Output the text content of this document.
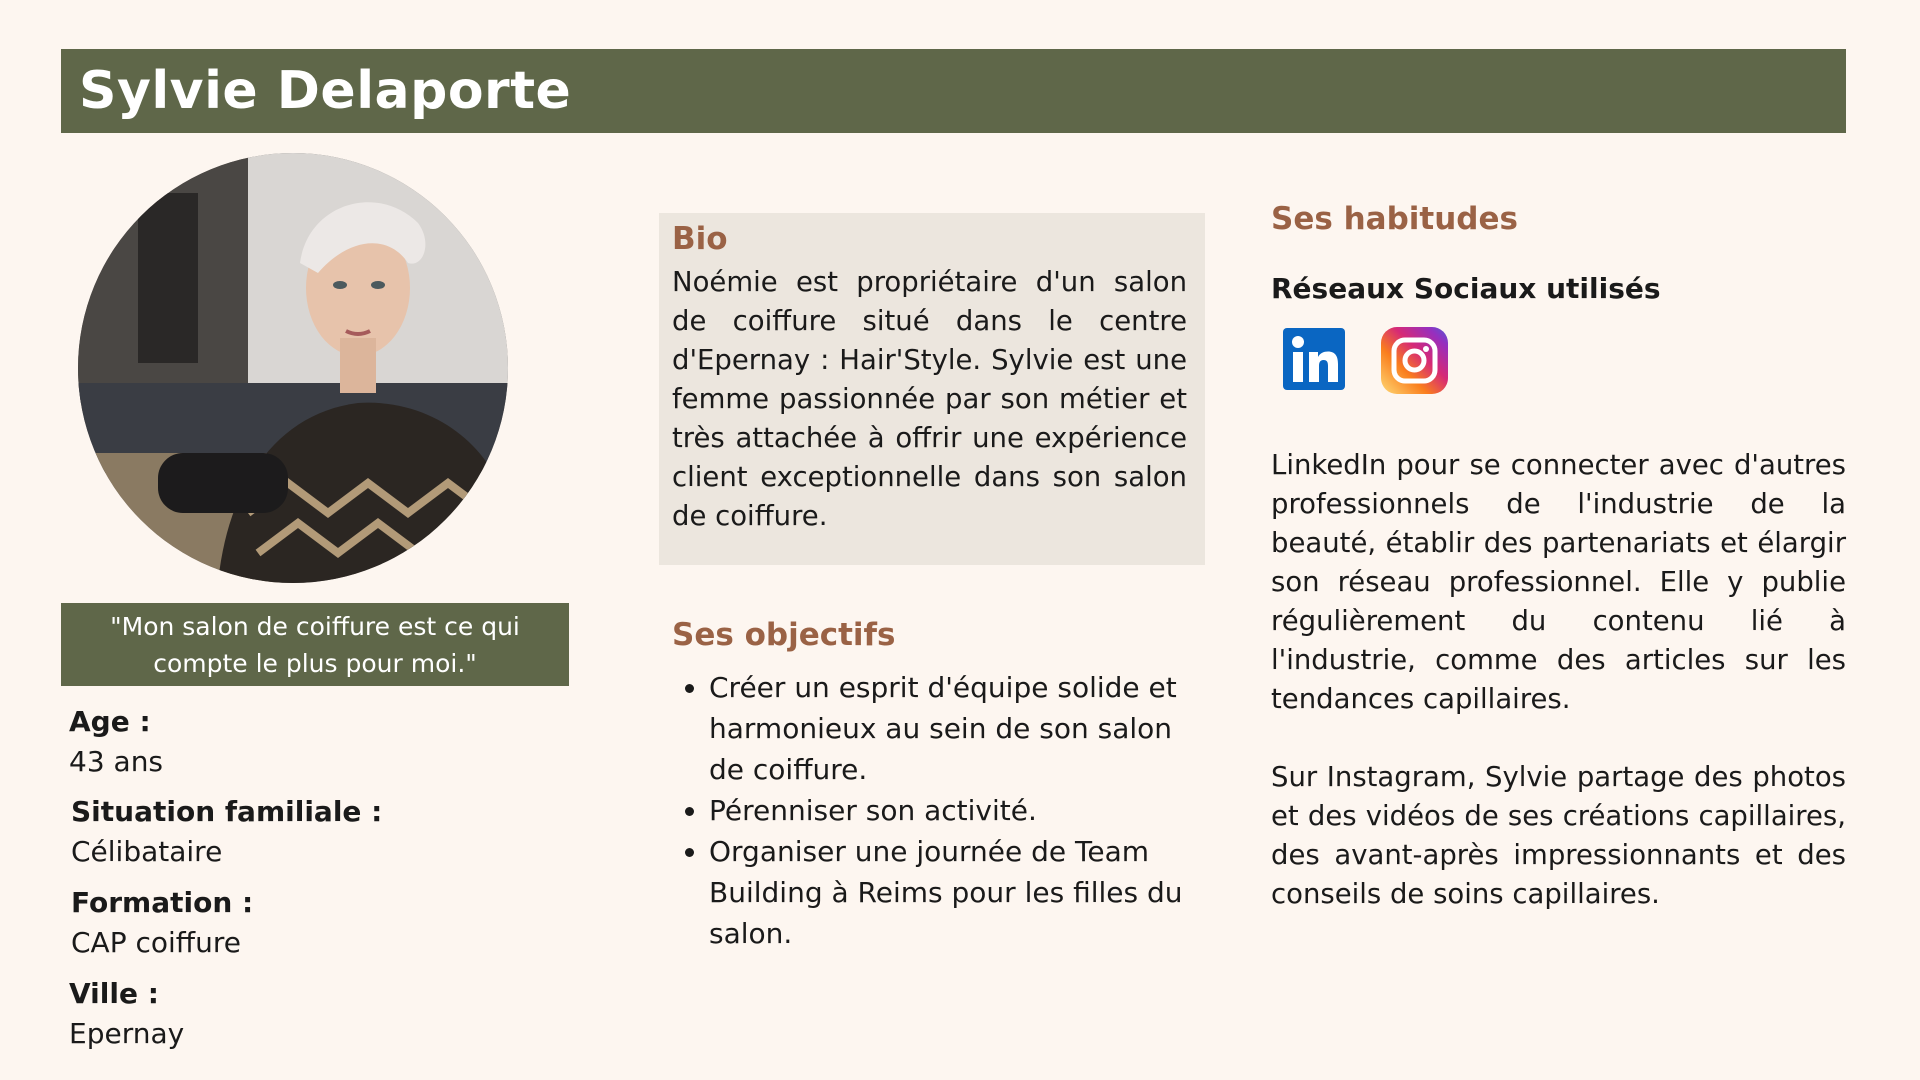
Sylvie Delaporte
"Mon salon de coiffure est ce qui compte le plus pour moi."
Age :
43 ans
Situation familiale :
Célibataire
Formation :
CAP coiffure
Ville :
Epernay
Bio

Noémie est propriétaire d'un salon de coiffure situé dans le centre d'Epernay : Hair'Style. Sylvie est une femme passionnée par son métier et très attachée à offrir une expérience client exceptionnelle dans son salon de coiffure.

Ses objectifs
• Créer un esprit d'équipe solide et harmonieux au sein de son salon de coiffure.
• Pérenniser son activité.
• Organiser une journée de Team Building à Reims pour les filles du salon.
Ses habitudes
Réseaux Sociaux utilisés

LinkedIn pour se connecter avec d'autres professionnels de l'industrie de la beauté, établir des partenariats et élargir son réseau professionnel. Elle y publie régulièrement du contenu lié à l'industrie, comme des articles sur les tendances capillaires.

Sur Instagram, Sylvie partage des photos et des vidéos de ses créations capillaires, des avant-après impressionnants et des conseils de soins capillaires.
